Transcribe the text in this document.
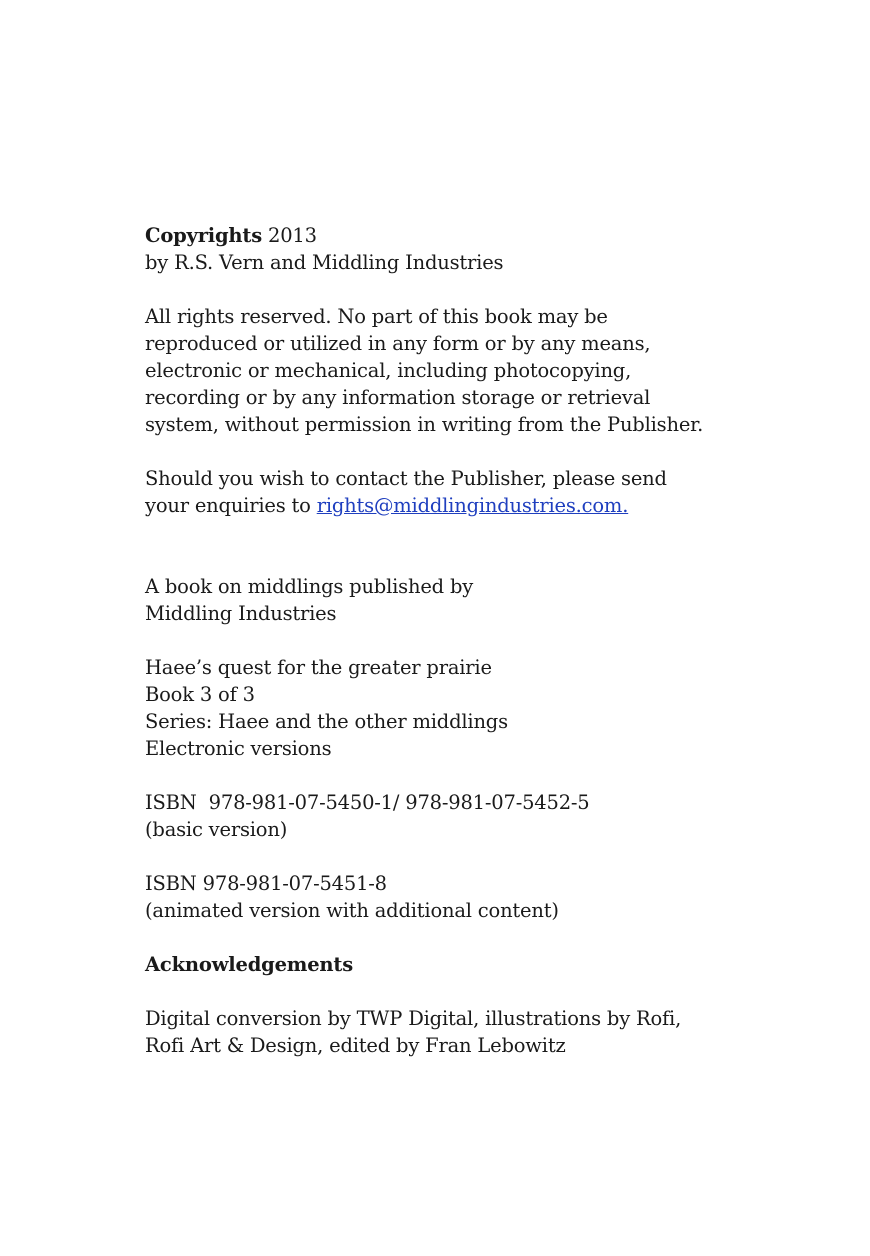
Copyrights 2013
by R.S. Vern and Middling Industries
All rights reserved. No part of this book may be
reproduced or utilized in any form or by any means,
electronic or mechanical, including photocopying,
recording or by any information storage or retrieval
system, without permission in writing from the Publisher.
Should you wish to contact the Publisher, please send
your enquiries to rights@middlingindustries.com.
A book on middlings published by
Middling Industries
Haee’s quest for the greater prairie
Book 3 of 3
Series: Haee and the other middlings
Electronic versions
ISBN  978-981-07-5450-1/ 978-981-07-5452-5
(basic version)
ISBN 978-981-07-5451-8
(animated version with additional content)
Acknowledgements
Digital conversion by TWP Digital, illustrations by Rofi,
Rofi Art & Design, edited by Fran Lebowitz
